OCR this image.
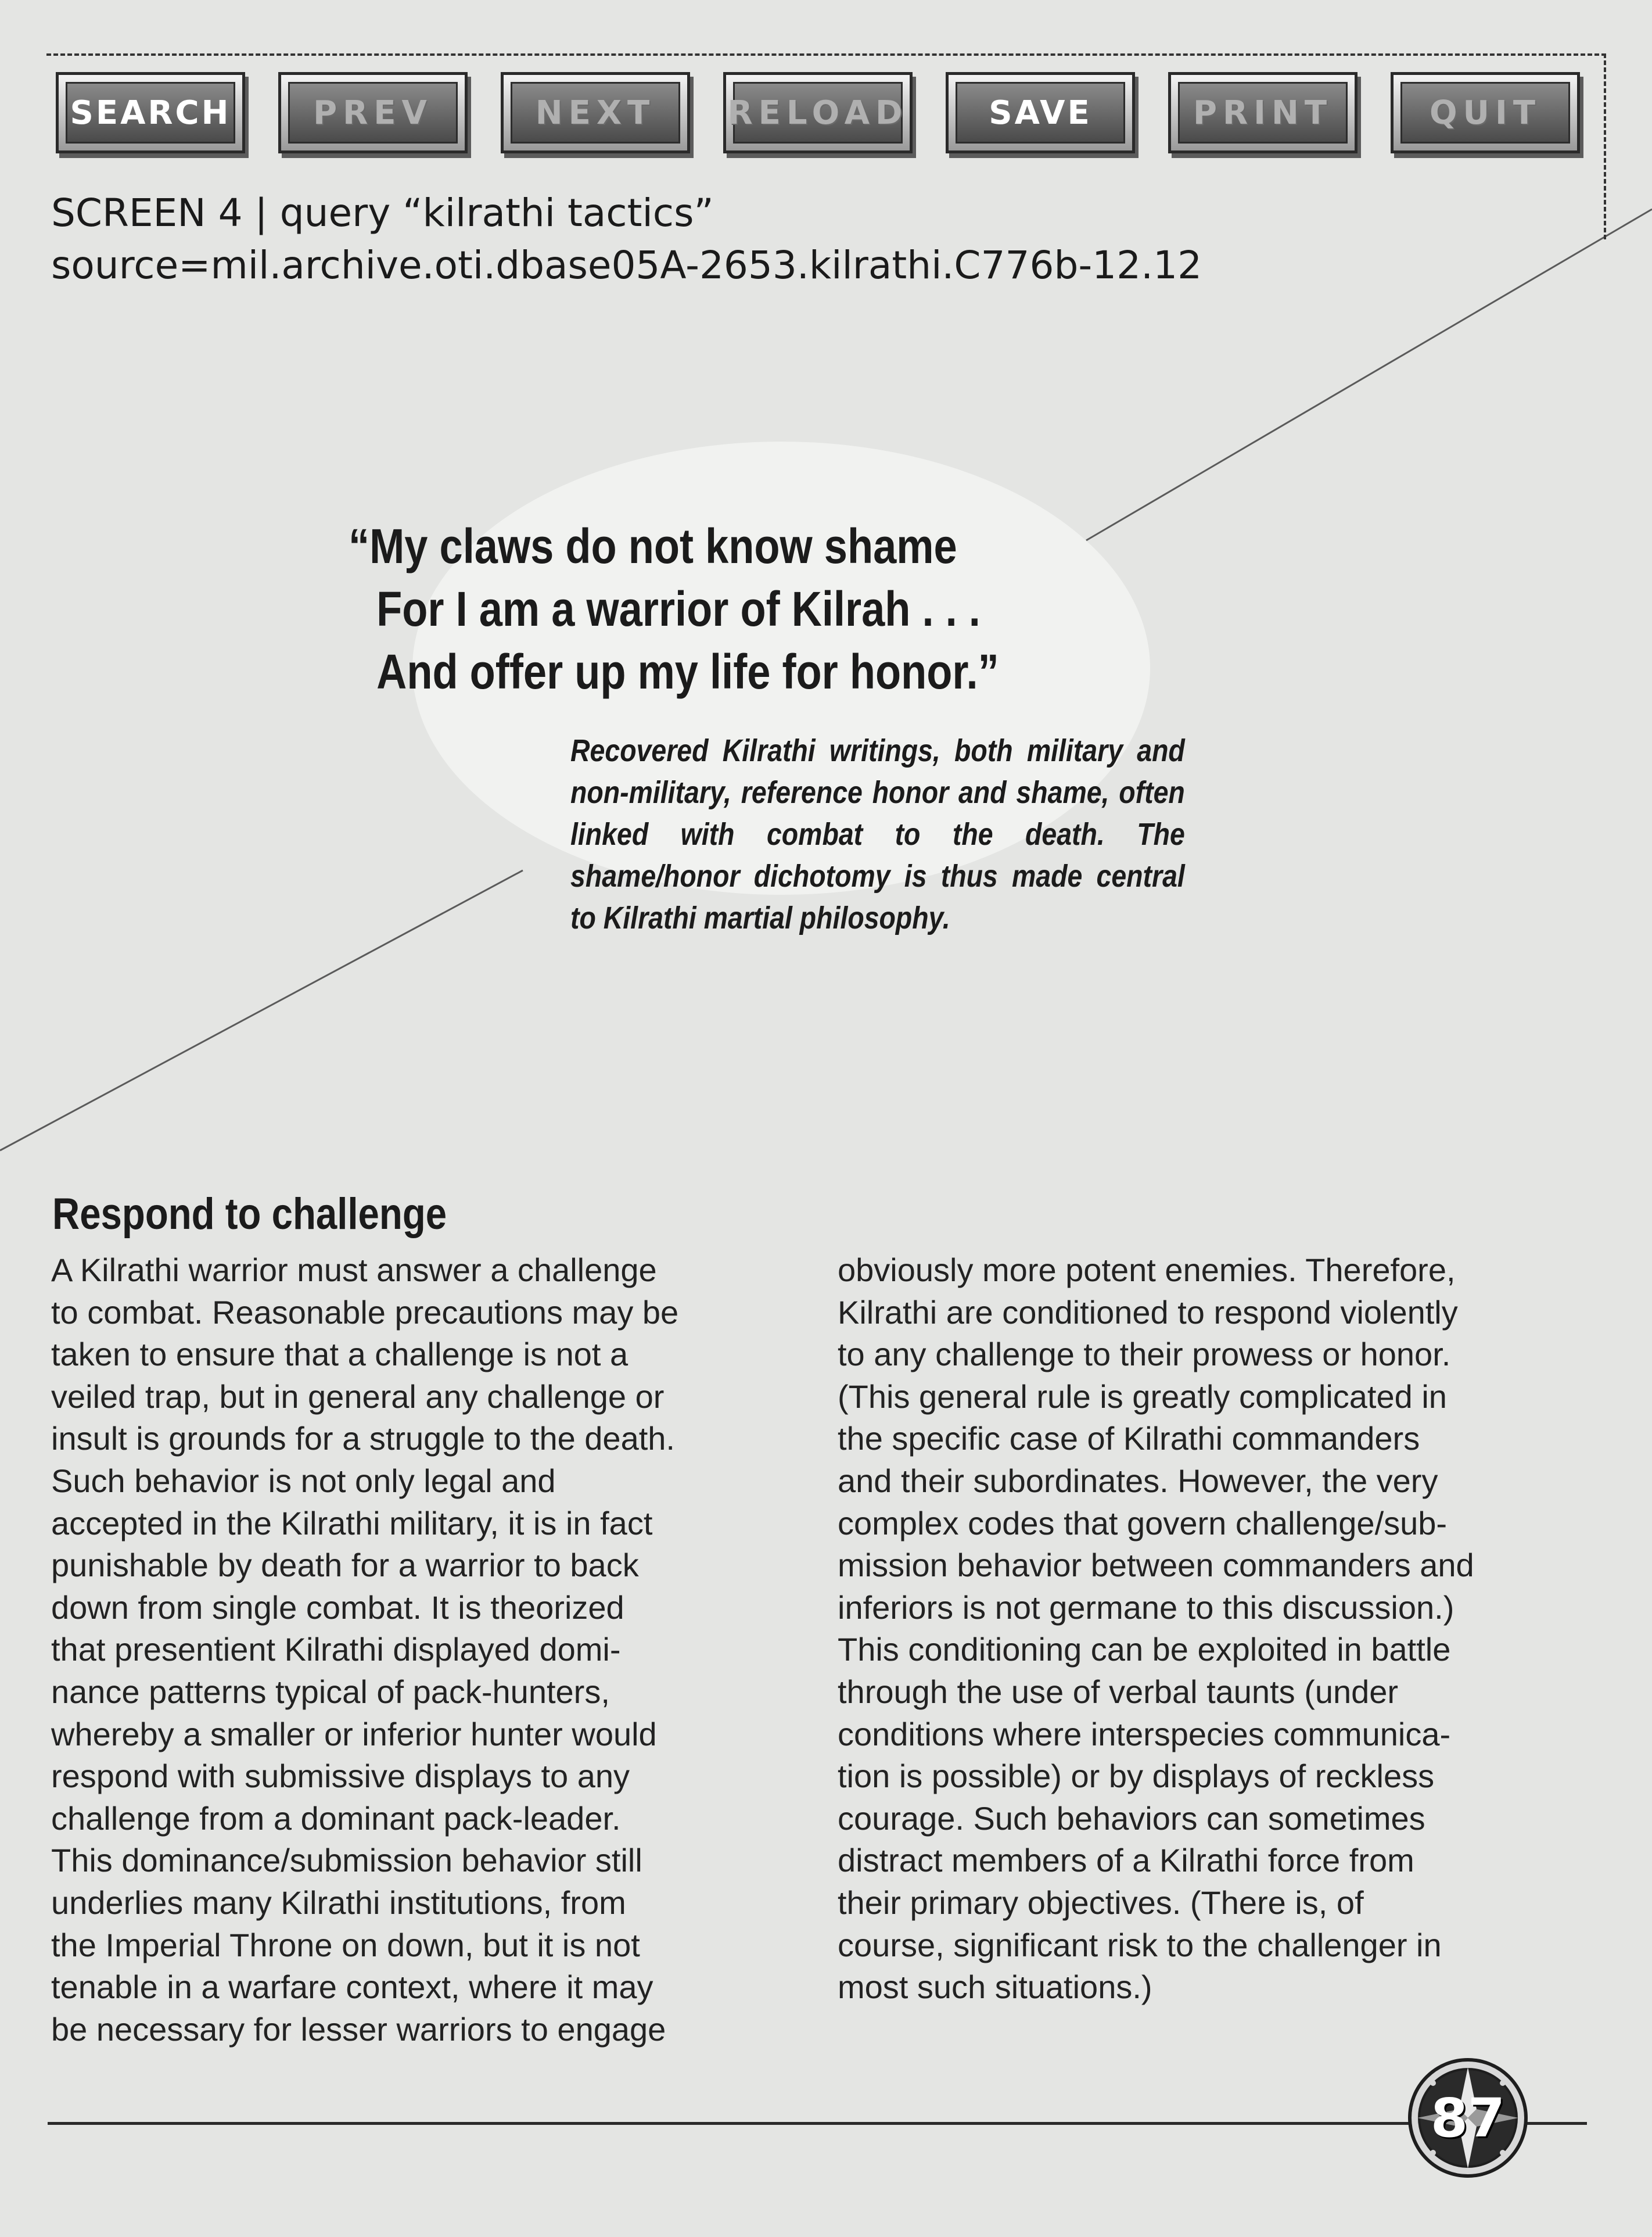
SEARCH	PREV	NEXT	RELOAD	SAVE	PRINT	QUIT
SCREEN 4 | query “kilrathi tactics”
source=mil.archive.oti.dbase05A-2653.kilrathi.C776b-12.12
“My claws do not know shame
For I am a warrior of Kilrah . . .
And offer up my life for honor.”
Recovered Kilrathi writings, both military and non-military, reference honor and shame, often linked with combat to the death. The shame/honor dichotomy is thus made central to Kilrathi martial philosophy.
Respond to challenge
A Kilrathi warrior must answer a challenge
to combat. Reasonable precautions may be
taken to ensure that a challenge is not a
veiled trap, but in general any challenge or
insult is grounds for a struggle to the death.
Such behavior is not only legal and
accepted in the Kilrathi military, it is in fact
punishable by death for a warrior to back
down from single combat. It is theorized
that presentient Kilrathi displayed domi-
nance patterns typical of pack-hunters,
whereby a smaller or inferior hunter would
respond with submissive displays to any
challenge from a dominant pack-leader.
This dominance/submission behavior still
underlies many Kilrathi institutions, from
the Imperial Throne on down, but it is not
tenable in a warfare context, where it may
be necessary for lesser warriors to engage
obviously more potent enemies. Therefore,
Kilrathi are conditioned to respond violently
to any challenge to their prowess or honor.
(This general rule is greatly complicated in
the specific case of Kilrathi commanders
and their subordinates. However, the very
complex codes that govern challenge/sub-
mission behavior between commanders and
inferiors is not germane to this discussion.)
This conditioning can be exploited in battle
through the use of verbal taunts (under
conditions where interspecies communica-
tion is possible) or by displays of reckless
courage. Such behaviors can sometimes
distract members of a Kilrathi force from
their primary objectives. (There is, of
course, significant risk to the challenger in
most such situations.)
87
